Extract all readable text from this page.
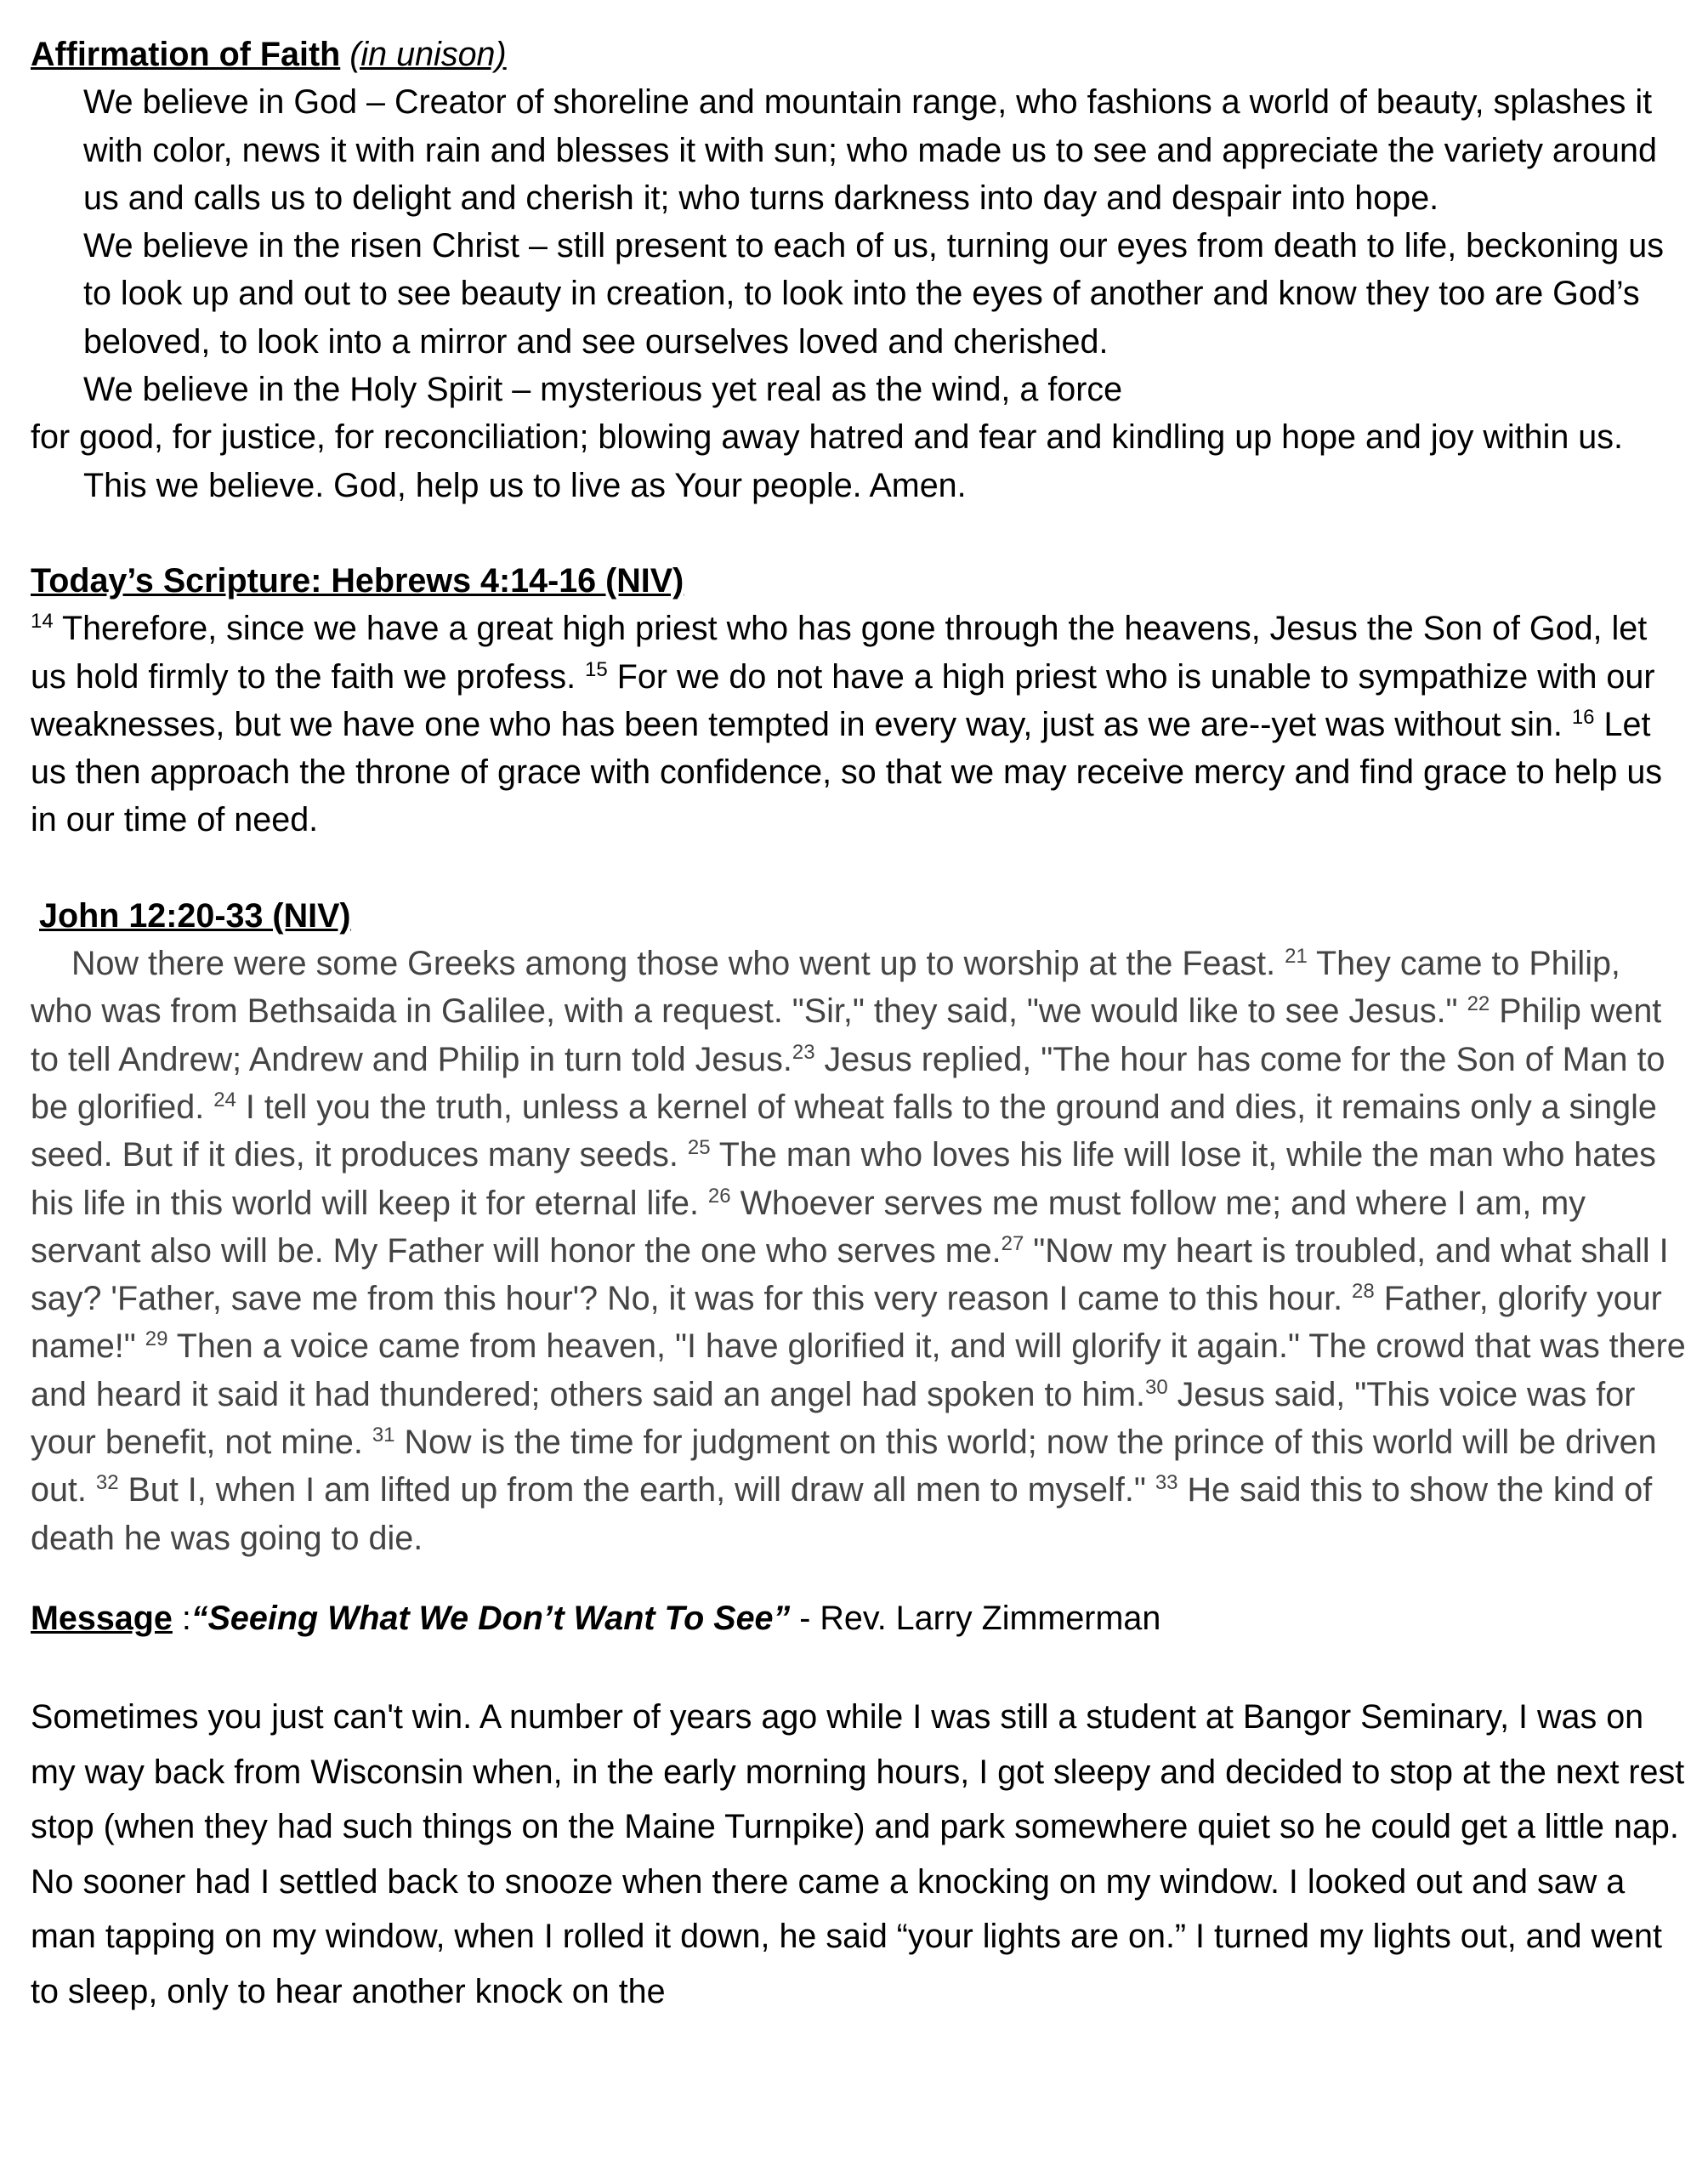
Affirmation of Faith (in unison)

We believe in God – Creator of shoreline and mountain range, who fashions a world of beauty, splashes it with color, news it with rain and blesses it with sun; who made us to see and appreciate the variety around us and calls us to delight and cherish it; who turns darkness into day and despair into hope.

We believe in the risen Christ – still present to each of us, turning our eyes from death to life, beckoning us to look up and out to see beauty in creation, to look into the eyes of another and know they too are God’s beloved, to look into a mirror and see ourselves loved and cherished.

We believe in the Holy Spirit – mysterious yet real as the wind, a force

for good, for justice, for reconciliation; blowing away hatred and fear and kindling up hope and joy within us.

This we believe. God, help us to live as Your people. Amen.

Today’s Scripture: Hebrews 4:14-16 (NIV)

$^{14}$ Therefore, since we have a great high priest who has gone through the heavens, Jesus the Son of God, let us hold firmly to the faith we profess. $^{15}$ For we do not have a high priest who is unable to sympathize with our weaknesses, but we have one who has been tempted in every way, just as we are--yet was without sin. $^{16}$ Let us then approach the throne of grace with confidence, so that we may receive mercy and find grace to help us in our time of need.

John 12:20-33 (NIV)

Now there were some Greeks among those who went up to worship at the Feast. $^{21}$ They came to Philip, who was from Bethsaida in Galilee, with a request. "Sir," they said, "we would like to see Jesus." $^{22}$ Philip went to tell Andrew; Andrew and Philip in turn told Jesus.$^{23}$ Jesus replied, "The hour has come for the Son of Man to be glorified. $^{24}$ I tell you the truth, unless a kernel of wheat falls to the ground and dies, it remains only a single seed. But if it dies, it produces many seeds. $^{25}$ The man who loves his life will lose it, while the man who hates his life in this world will keep it for eternal life. $^{26}$ Whoever serves me must follow me; and where I am, my servant also will be. My Father will honor the one who serves me.$^{27}$ "Now my heart is troubled, and what shall I say? 'Father, save me from this hour'? No, it was for this very reason I came to this hour. $^{28}$ Father, glorify your name!" $^{29}$ Then a voice came from heaven, "I have glorified it, and will glorify it again." The crowd that was there and heard it said it had thundered; others said an angel had spoken to him.$^{30}$ Jesus said, "This voice was for your benefit, not mine. $^{31}$ Now is the time for judgment on this world; now the prince of this world will be driven out. $^{32}$ But I, when I am lifted up from the earth, will draw all men to myself." $^{33}$ He said this to show the kind of death he was going to die.

Message :“Seeing What We Don’t Want To See” - Rev. Larry Zimmerman

Sometimes you just can't win. A number of years ago while I was still a student at Bangor Seminary, I was on my way back from Wisconsin when, in the early morning hours, I got sleepy and decided to stop at the next rest stop (when they had such things on the Maine Turnpike) and park somewhere quiet so he could get a little nap. No sooner had I settled back to snooze when there came a knocking on my window. I looked out and saw a man tapping on my window, when I rolled it down, he said “your lights are on.” I turned my lights out, and went to sleep, only to hear another knock on the
